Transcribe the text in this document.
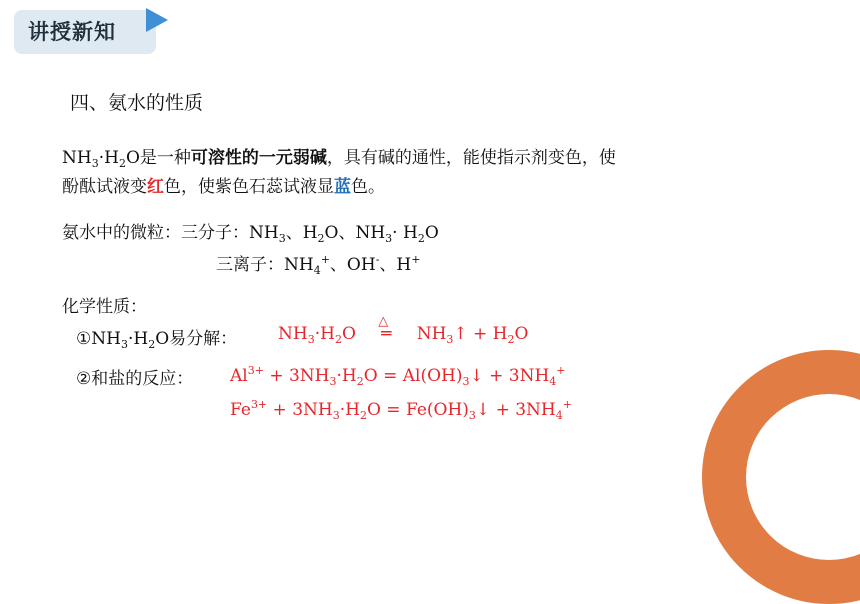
讲授新知
四、氨水的性质
$NH_3\cdot H_2O$是一种可溶性的一元弱碱，具有碱的通性，能使指示剂变色，使
酚酞试液变红色，使紫色石蕊试液显蓝色。
氨水中的微粒：三分子：$NH_3$、$H_2O$、$NH_3\cdot H_2O$
三离子：$NH_4^+$、OH-、H+
化学性质：
$①NH_3\cdot H_2O$易分解： $NH_3\cdot H_2O$
△
═ $NH_3↑ + H_2O$
②和盐的反应： $Al^{3+} + 3NH_3\cdot H_2O$ = $Al(OH)_3↓ + 3NH_4^+$
$Fe^{3+} + 3NH_3\cdot H_2O$ = $Fe(OH)_3↓ + 3NH_4^+$
